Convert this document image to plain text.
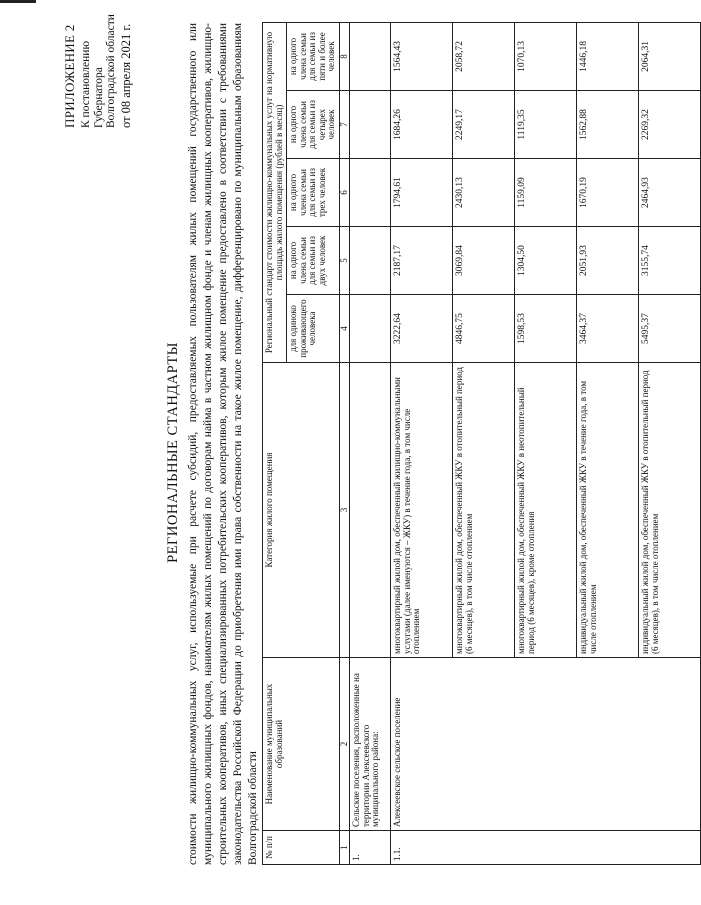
ПРИЛОЖЕНИЕ 2 К постановлению Губернатора Волгоградской области от 08 апреля 2021 г.
РЕГИОНАЛЬНЫЕ СТАНДАРТЫ стоимости жилищно-коммунальных услуг, используемые при расчете субсидий, предоставляемых пользователям жилых помещений государственного или муниципального жилищных фондов, нанимателям жилых помещений по договорам найма в частном жилищном фонде и членам жилищных кооперативов, жилищно-строительных кооперативов, иных специализированных потребительских кооперативов, которым жилое помещение предоставлено в соответствии с требованиями законодательства Российской Федерации до приобретения ими права собственности на такое жилое помещение, дифференцировано по муниципальным образованиям Волгоградской области № п/п	Наименование муниципальных образований	Категория жилого помещения	Региональный стандарт стоимости жилищно-коммунальных услуг на нормативную площадь жилого помещения (рублей в месяц)				
			для одиноко проживающего человека	на одного члена семьи для семьи из двух человек	на одного члена семьи для семьи из трех человек	на одного члена семьи для семьи из четырех человек	на одного члена семьи для семьи из пяти и более человек
1	2	3	4	5	6	7	8
1.	Сельские поселения, расположенные на территории Алексеевского муниципального района:						
1.1.	Алексеевское сельское поселение	многоквартирный жилой дом, обеспеченный жилищно-коммунальными услугами (далее именуются – ЖКУ) в течение года, в том числе отоплением	3222,64	2187,17	1794,61	1684,26	1564,43
		многоквартирный жилой дом, обеспеченный ЖКУ в отопительный период (6 месяцев), в том числе отоплением	4846,75	3069,84	2430,13	2249,17	2058,72
		многоквартирный жилой дом, обеспеченный ЖКУ в неотопительный период (6 месяцев), кроме отопления	1598,53	1304,50	1159,09	1119,35	1070,13
		индивидуальный жилой дом, обеспеченный ЖКУ в течение года, в том числе отоплением	3464,37	2051,93	1670,19	1562,88	1446,18
		индивидуальный жилой дом, обеспеченный ЖКУ в отопительный период (6 месяцев), в том числе отоплением	5495,37	3155,74	2464,93	2269,32	2064,31
